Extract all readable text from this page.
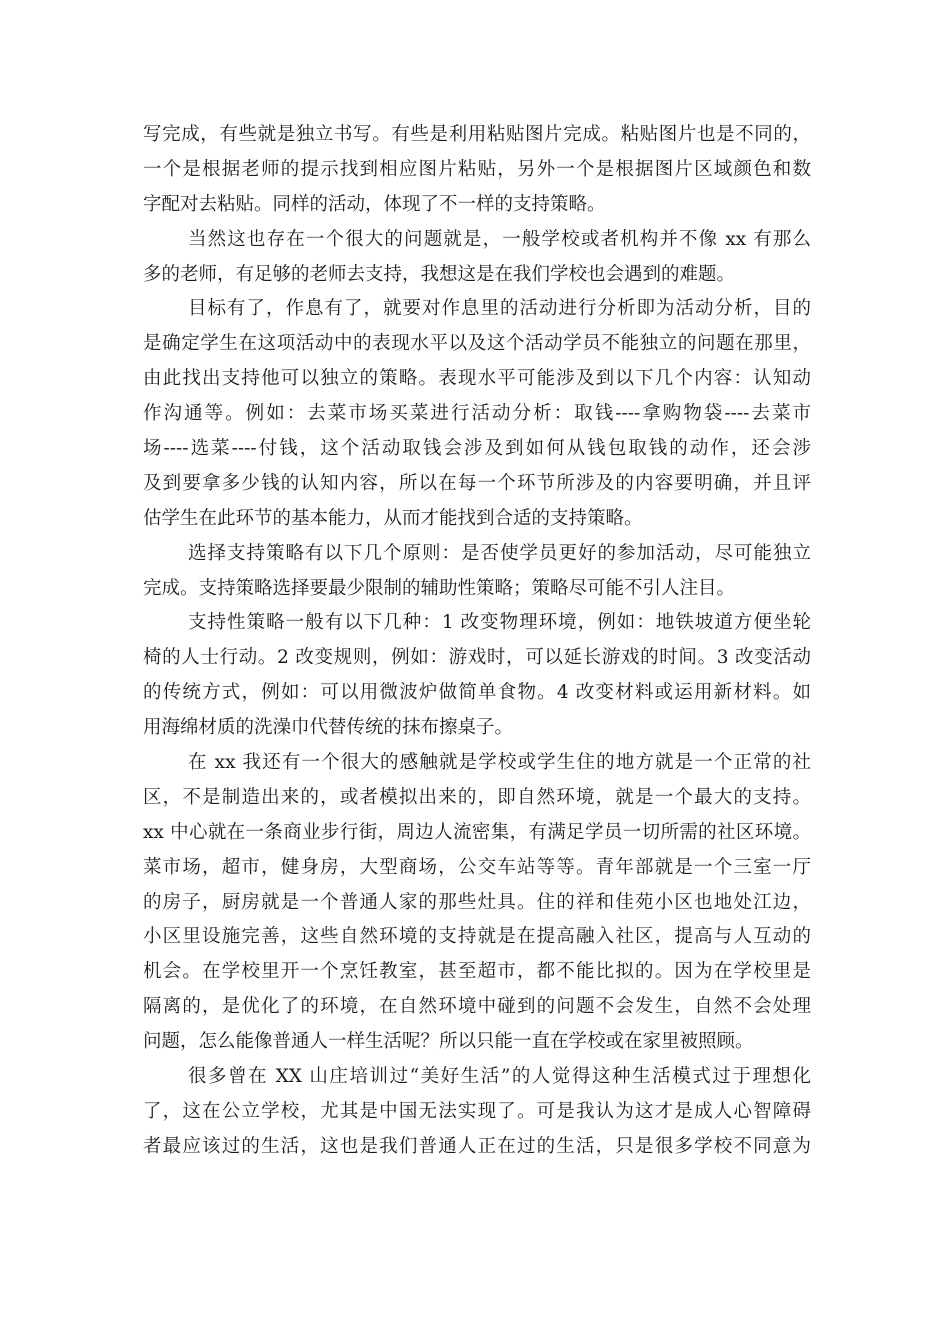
写完成，有些就是独立书写。有些是利用粘贴图片完成。粘贴图片也是不同的，
一个是根据老师的提示找到相应图片粘贴，另外一个是根据图片区域颜色和数
字配对去粘贴。同样的活动，体现了不一样的支持策略。
当然这也存在一个很大的问题就是，一般学校或者机构并不像 xx 有那么
多的老师，有足够的老师去支持，我想这是在我们学校也会遇到的难题。
目标有了，作息有了，就要对作息里的活动进行分析即为活动分析，目的
是确定学生在这项活动中的表现水平以及这个活动学员不能独立的问题在那里，
由此找出支持他可以独立的策略。表现水平可能涉及到以下几个内容：认知动
作沟通等。例如：去菜市场买菜进行活动分析：取钱----拿购物袋----去菜市
场----选菜----付钱，这个活动取钱会涉及到如何从钱包取钱的动作，还会涉
及到要拿多少钱的认知内容，所以在每一个环节所涉及的内容要明确，并且评
估学生在此环节的基本能力，从而才能找到合适的支持策略。
选择支持策略有以下几个原则：是否使学员更好的参加活动，尽可能独立
完成。支持策略选择要最少限制的辅助性策略；策略尽可能不引人注目。
支持性策略一般有以下几种：1 改变物理环境，例如：地铁坡道方便坐轮
椅的人士行动。2 改变规则，例如：游戏时，可以延长游戏的时间。3 改变活动
的传统方式，例如：可以用微波炉做简单食物。4 改变材料或运用新材料。如
用海绵材质的洗澡巾代替传统的抹布擦桌子。
在 xx 我还有一个很大的感触就是学校或学生住的地方就是一个正常的社
区，不是制造出来的，或者模拟出来的，即自然环境，就是一个最大的支持。
xx 中心就在一条商业步行街，周边人流密集，有满足学员一切所需的社区环境。
菜市场，超市，健身房，大型商场，公交车站等等。青年部就是一个三室一厅
的房子，厨房就是一个普通人家的那些灶具。住的祥和佳苑小区也地处江边，
小区里设施完善，这些自然环境的支持就是在提高融入社区，提高与人互动的
机会。在学校里开一个烹饪教室，甚至超市，都不能比拟的。因为在学校里是
隔离的，是优化了的环境，在自然环境中碰到的问题不会发生，自然不会处理
问题，怎么能像普通人一样生活呢？所以只能一直在学校或在家里被照顾。
很多曾在 XX 山庄培训过“美好生活”的人觉得这种生活模式过于理想化
了，这在公立学校，尤其是中国无法实现了。可是我认为这才是成人心智障碍
者最应该过的生活，这也是我们普通人正在过的生活，只是很多学校不同意为
